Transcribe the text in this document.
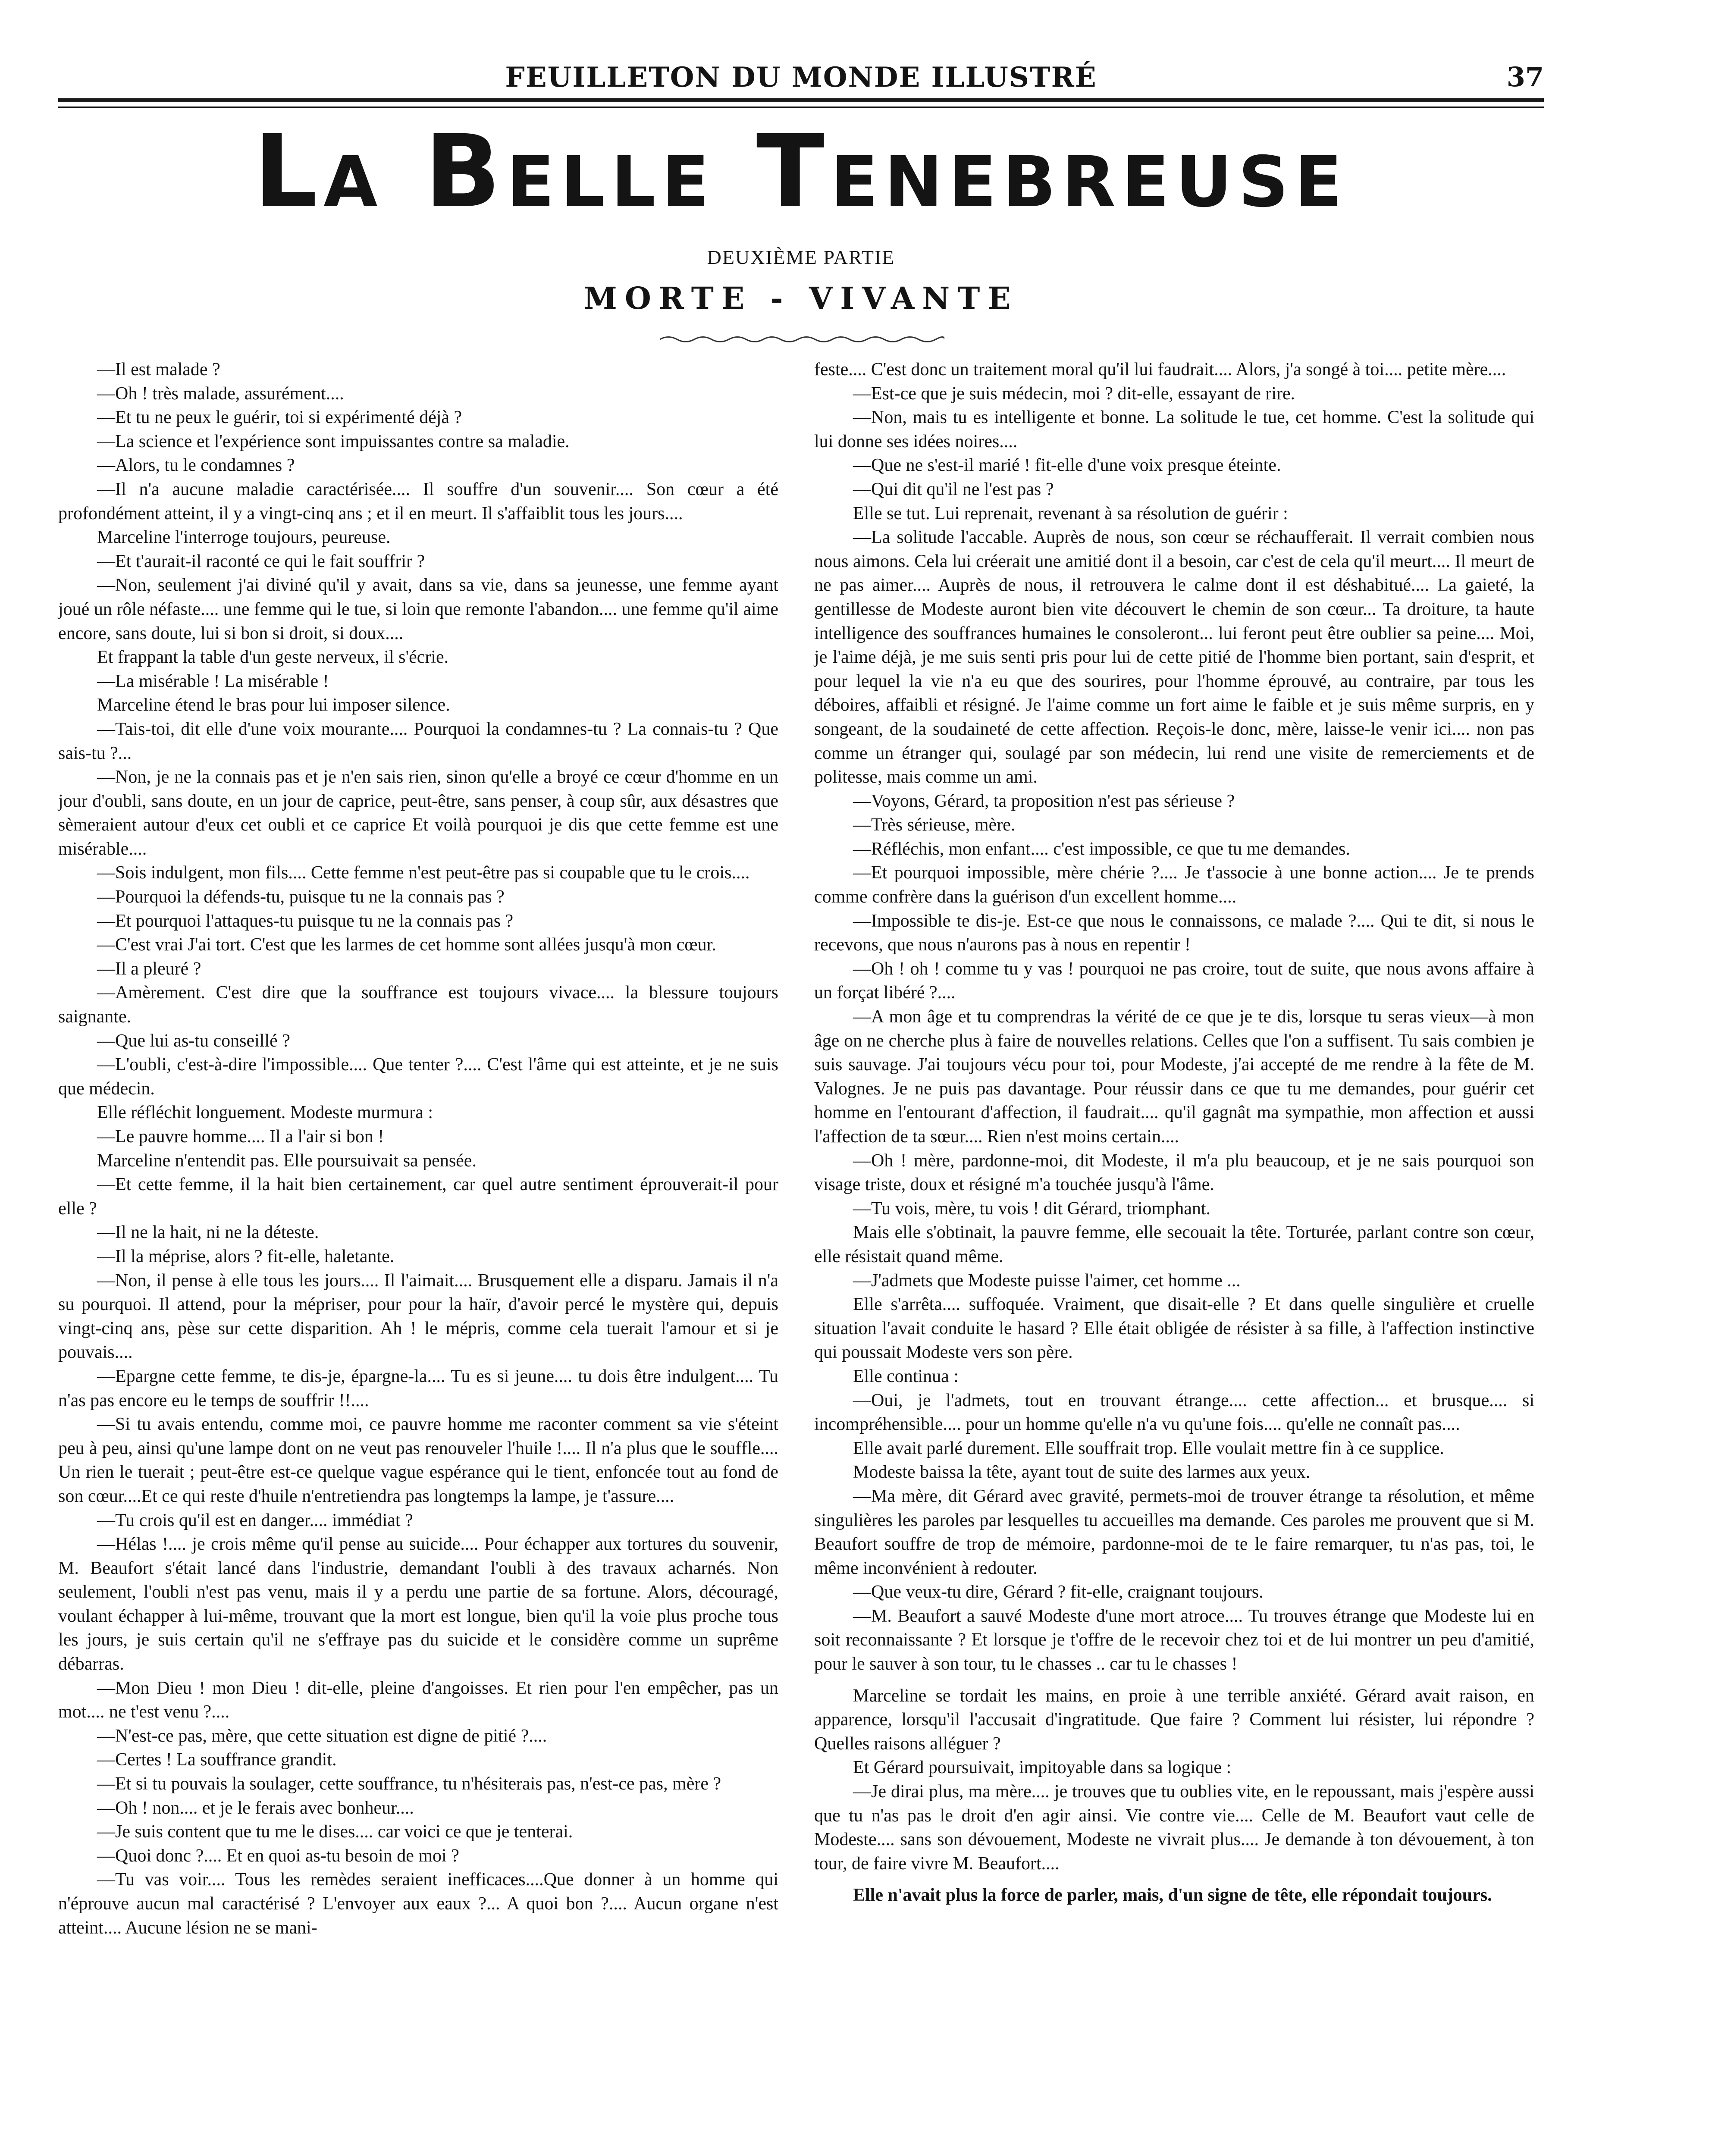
FEUILLETON DU MONDE ILLUSTRÉ	37
La Belle Tenebreuse
DEUXIÈME PARTIE
MORTE - VIVANTE

—Il est malade ?

—Oh ! très malade, assurément....

—Et tu ne peux le guérir, toi si expérimenté déjà ?

—La science et l'expérience sont impuissantes contre sa maladie.

—Alors, tu le condamnes ?

—Il n'a aucune maladie caractérisée.... Il souffre d'un souvenir.... Son cœur a été profondément atteint, il y a vingt-cinq ans ; et il en meurt. Il s'affaiblit tous les jours....

Marceline l'interroge toujours, peureuse.

—Et t'aurait-il raconté ce qui le fait souffrir ?

—Non, seulement j'ai diviné qu'il y avait, dans sa vie, dans sa jeunesse, une femme ayant joué un rôle néfaste.... une femme qui le tue, si loin que remonte l'abandon.... une femme qu'il aime encore, sans doute, lui si bon si droit, si doux....

Et frappant la table d'un geste nerveux, il s'écrie.

—La misérable ! La misérable !

Marceline étend le bras pour lui imposer silence.

—Tais-toi, dit elle d'une voix mourante.... Pourquoi la condamnes-tu ? La connais-tu ? Que sais-tu ?...

—Non, je ne la connais pas et je n'en sais rien, sinon qu'elle a broyé ce cœur d'homme en un jour d'oubli, sans doute, en un jour de caprice, peut-être, sans penser, à coup sûr, aux désastres que sèmeraient autour d'eux cet oubli et ce caprice Et voilà pourquoi je dis que cette femme est une misérable....

—Sois indulgent, mon fils.... Cette femme n'est peut-être pas si coupable que tu le crois....

—Pourquoi la défends-tu, puisque tu ne la connais pas ?

—Et pourquoi l'attaques-tu puisque tu ne la connais pas ?

—C'est vrai J'ai tort. C'est que les larmes de cet homme sont allées jusqu'à mon cœur.

—Il a pleuré ?

—Amèrement. C'est dire que la souffrance est toujours vivace.... la blessure toujours saignante.

—Que lui as-tu conseillé ?

—L'oubli, c'est-à-dire l'impossible.... Que tenter ?.... C'est l'âme qui est atteinte, et je ne suis que médecin.

Elle réfléchit longuement. Modeste murmura :

—Le pauvre homme.... Il a l'air si bon !

Marceline n'entendit pas. Elle poursuivait sa pensée.

—Et cette femme, il la hait bien certainement, car quel autre sentiment éprouverait-il pour elle ?

—Il ne la hait, ni ne la déteste.

—Il la méprise, alors ? fit-elle, haletante.

—Non, il pense à elle tous les jours.... Il l'aimait.... Brusquement elle a disparu. Jamais il n'a su pourquoi. Il attend, pour la mépriser, pour pour la haïr, d'avoir percé le mystère qui, depuis vingt-cinq ans, pèse sur cette disparition. Ah ! le mépris, comme cela tuerait l'amour et si je pouvais....

—Epargne cette femme, te dis-je, épargne-la.... Tu es si jeune.... tu dois être indulgent.... Tu n'as pas encore eu le temps de souffrir !!....

—Si tu avais entendu, comme moi, ce pauvre homme me raconter comment sa vie s'éteint peu à peu, ainsi qu'une lampe dont on ne veut pas renouveler l'huile !.... Il n'a plus que le souffle.... Un rien le tuerait ; peut-être est-ce quelque vague espérance qui le tient, enfoncée tout au fond de son cœur....Et ce qui reste d'huile n'entretiendra pas longtemps la lampe, je t'assure....

—Tu crois qu'il est en danger.... immédiat ?

—Hélas !.... je crois même qu'il pense au suicide.... Pour échapper aux tortures du souvenir, M. Beaufort s'était lancé dans l'industrie, demandant l'oubli à des travaux acharnés. Non seulement, l'oubli n'est pas venu, mais il y a perdu une partie de sa fortune. Alors, découragé, voulant échapper à lui-même, trouvant que la mort est longue, bien qu'il la voie plus proche tous les jours, je suis certain qu'il ne s'effraye pas du suicide et le considère comme un suprême débarras.

—Mon Dieu ! mon Dieu ! dit-elle, pleine d'angoisses. Et rien pour l'en empêcher, pas un mot.... ne t'est venu ?....

—N'est-ce pas, mère, que cette situation est digne de pitié ?....

—Certes ! La souffrance grandit.

—Et si tu pouvais la soulager, cette souffrance, tu n'hésiterais pas, n'est-ce pas, mère ?

—Oh ! non.... et je le ferais avec bonheur....

—Je suis content que tu me le dises.... car voici ce que je tenterai.

—Quoi donc ?.... Et en quoi as-tu besoin de moi ?

—Tu vas voir.... Tous les remèdes seraient inefficaces....Que donner à un homme qui n'éprouve aucun mal caractérisé ? L'envoyer aux eaux ?... A quoi bon ?.... Aucun organe n'est atteint.... Aucune lésion ne se mani-

feste.... C'est donc un traitement moral qu'il lui faudrait.... Alors, j'a songé à toi.... petite mère....

—Est-ce que je suis médecin, moi ? dit-elle, essayant de rire.

—Non, mais tu es intelligente et bonne. La solitude le tue, cet homme. C'est la solitude qui lui donne ses idées noires....

—Que ne s'est-il marié ! fit-elle d'une voix presque éteinte.

—Qui dit qu'il ne l'est pas ?

Elle se tut. Lui reprenait, revenant à sa résolution de guérir :

—La solitude l'accable. Auprès de nous, son cœur se réchaufferait. Il verrait combien nous nous aimons. Cela lui créerait une amitié dont il a besoin, car c'est de cela qu'il meurt.... Il meurt de ne pas aimer.... Auprès de nous, il retrouvera le calme dont il est déshabitué.... La gaieté, la gentillesse de Modeste auront bien vite découvert le chemin de son cœur... Ta droiture, ta haute intelligence des souffrances humaines le consoleront... lui feront peut être oublier sa peine.... Moi, je l'aime déjà, je me suis senti pris pour lui de cette pitié de l'homme bien portant, sain d'esprit, et pour lequel la vie n'a eu que des sourires, pour l'homme éprouvé, au contraire, par tous les déboires, affaibli et résigné. Je l'aime comme un fort aime le faible et je suis même surpris, en y songeant, de la soudaineté de cette affection. Reçois-le donc, mère, laisse-le venir ici.... non pas comme un étranger qui, soulagé par son médecin, lui rend une visite de remerciements et de politesse, mais comme un ami.

—Voyons, Gérard, ta proposition n'est pas sérieuse ?

—Très sérieuse, mère.

—Réfléchis, mon enfant.... c'est impossible, ce que tu me demandes.

—Et pourquoi impossible, mère chérie ?.... Je t'associe à une bonne action.... Je te prends comme confrère dans la guérison d'un excellent homme....

—Impossible te dis-je. Est-ce que nous le connaissons, ce malade ?.... Qui te dit, si nous le recevons, que nous n'aurons pas à nous en repentir !

—Oh ! oh ! comme tu y vas ! pourquoi ne pas croire, tout de suite, que nous avons affaire à un forçat libéré ?....

—A mon âge et tu comprendras la vérité de ce que je te dis, lorsque tu seras vieux—à mon âge on ne cherche plus à faire de nouvelles relations. Celles que l'on a suffisent. Tu sais combien je suis sauvage. J'ai toujours vécu pour toi, pour Modeste, j'ai accepté de me rendre à la fête de M. Valognes. Je ne puis pas davantage. Pour réussir dans ce que tu me demandes, pour guérir cet homme en l'entourant d'affection, il faudrait.... qu'il gagnât ma sympathie, mon affection et aussi l'affection de ta sœur.... Rien n'est moins certain....

—Oh ! mère, pardonne-moi, dit Modeste, il m'a plu beaucoup, et je ne sais pourquoi son visage triste, doux et résigné m'a touchée jusqu'à l'âme.

—Tu vois, mère, tu vois ! dit Gérard, triomphant.

Mais elle s'obtinait, la pauvre femme, elle secouait la tête. Torturée, parlant contre son cœur, elle résistait quand même.

—J'admets que Modeste puisse l'aimer, cet homme ...

Elle s'arrêta.... suffoquée. Vraiment, que disait-elle ? Et dans quelle singulière et cruelle situation l'avait conduite le hasard ? Elle était obligée de résister à sa fille, à l'affection instinctive qui poussait Modeste vers son père.

Elle continua :

—Oui, je l'admets, tout en trouvant étrange.... cette affection... et brusque.... si incompréhensible.... pour un homme qu'elle n'a vu qu'une fois.... qu'elle ne connaît pas....

Elle avait parlé durement. Elle souffrait trop. Elle voulait mettre fin à ce supplice.

Modeste baissa la tête, ayant tout de suite des larmes aux yeux.

—Ma mère, dit Gérard avec gravité, permets-moi de trouver étrange ta résolution, et même singulières les paroles par lesquelles tu accueilles ma demande. Ces paroles me prouvent que si M. Beaufort souffre de trop de mémoire, pardonne-moi de te le faire remarquer, tu n'as pas, toi, le même inconvénient à redouter.

—Que veux-tu dire, Gérard ? fit-elle, craignant toujours.

—M. Beaufort a sauvé Modeste d'une mort atroce.... Tu trouves étrange que Modeste lui en soit reconnaissante ? Et lorsque je t'offre de le recevoir chez toi et de lui montrer un peu d'amitié, pour le sauver à son tour, tu le chasses .. car tu le chasses !

Marceline se tordait les mains, en proie à une terrible anxiété. Gérard avait raison, en apparence, lorsqu'il l'accusait d'ingratitude. Que faire ? Comment lui résister, lui répondre ? Quelles raisons alléguer ?

Et Gérard poursuivait, impitoyable dans sa logique :

—Je dirai plus, ma mère.... je trouves que tu oublies vite, en le repoussant, mais j'espère aussi que tu n'as pas le droit d'en agir ainsi. Vie contre vie.... Celle de M. Beaufort vaut celle de Modeste.... sans son dévouement, Modeste ne vivrait plus.... Je demande à ton dévouement, à ton tour, de faire vivre M. Beaufort....

Elle n'avait plus la force de parler, mais, d'un signe de tête, elle répondait toujours.
